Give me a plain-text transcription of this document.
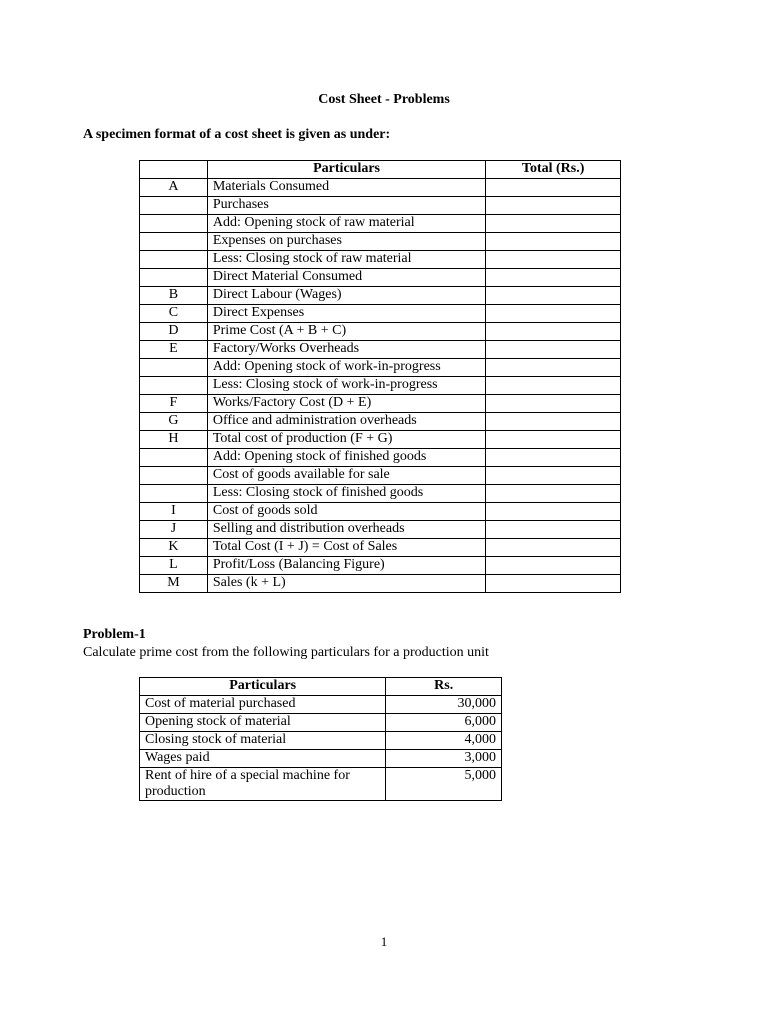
Cost Sheet - Problems
A specimen format of a cost sheet is given as under:
	Particulars	Total (Rs.)
A	Materials Consumed	
	Purchases	
	Add: Opening stock of raw material	
	Expenses on purchases	
	Less: Closing stock of raw material	
	Direct Material Consumed	
B	Direct Labour (Wages)	
C	Direct Expenses	
D	Prime Cost (A + B + C)	
E	Factory/Works Overheads	
	Add: Opening stock of work-in-progress	
	Less: Closing stock of work-in-progress	
F	Works/Factory Cost (D + E)	
G	Office and administration overheads	
H	Total cost of production (F + G)	
	Add: Opening stock of finished goods	
	Cost of goods available for sale	
	Less: Closing stock of finished goods	
I	Cost of goods sold	
J	Selling and distribution overheads	
K	Total Cost (I + J) = Cost of Sales	
L	Profit/Loss (Balancing Figure)	
M	Sales (k + L)	
Problem-1
Calculate prime cost from the following particulars for a production unit
Particulars	Rs.
Cost of material purchased	30,000
Opening stock of material	6,000
Closing stock of material	4,000
Wages paid	3,000
Rent of hire of a special machine for production	5,000
1
